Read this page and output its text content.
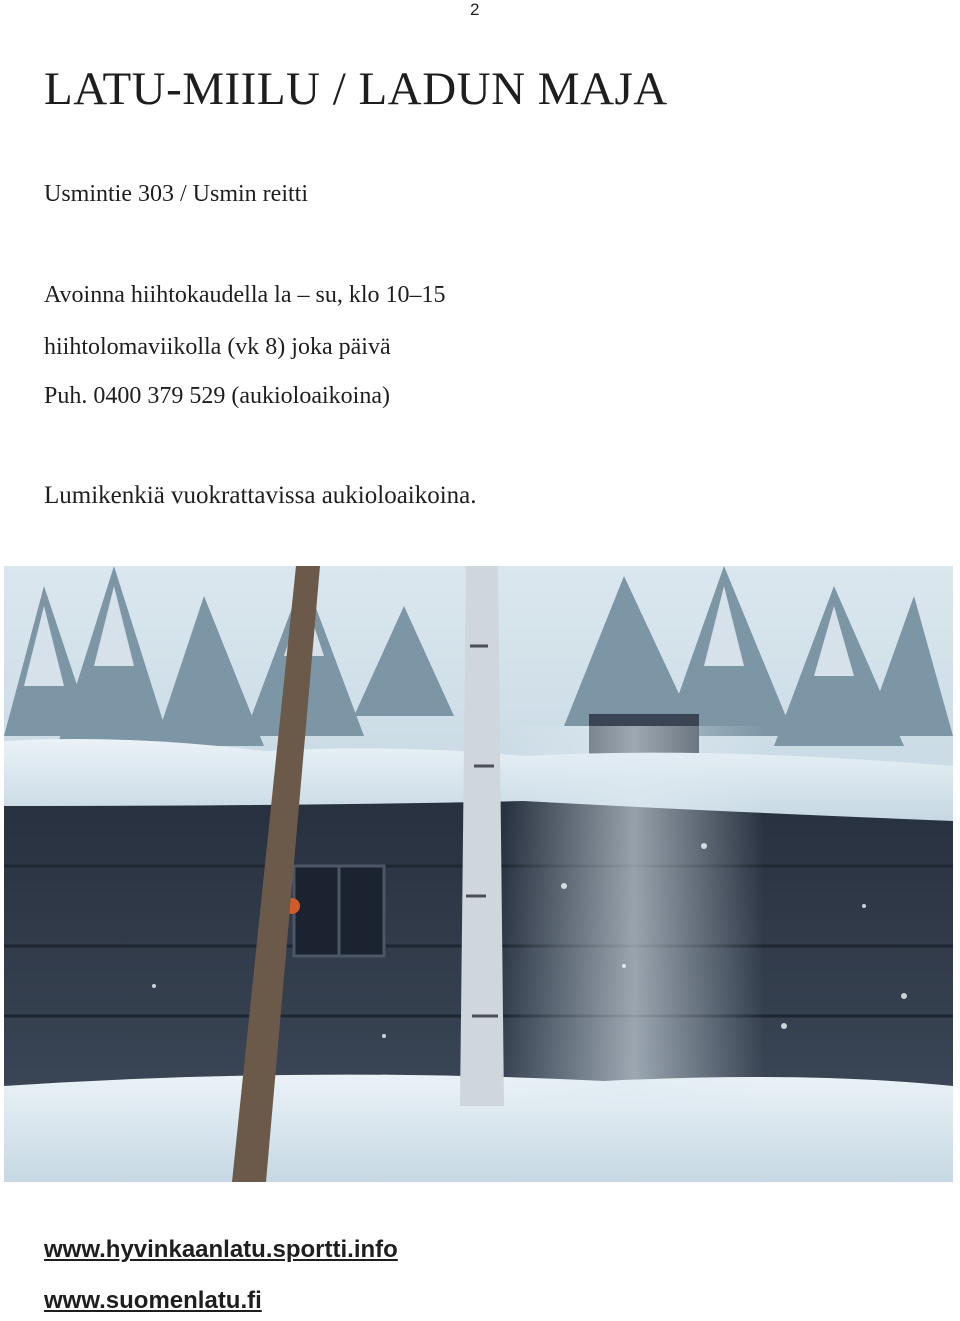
2
LATU-MIILU / LADUN MAJA
Usmintie 303 / Usmin reitti
Avoinna hiihtokaudella la – su, klo 10–15
hiihtolomaviikolla (vk 8) joka päivä
Puh. 0400 379 529 (aukioloaikoina)
Lumikenkiä vuokrattavissa aukioloaikoina.
www.hyvinkaanlatu.sportti.info
www.suomenlatu.fi
